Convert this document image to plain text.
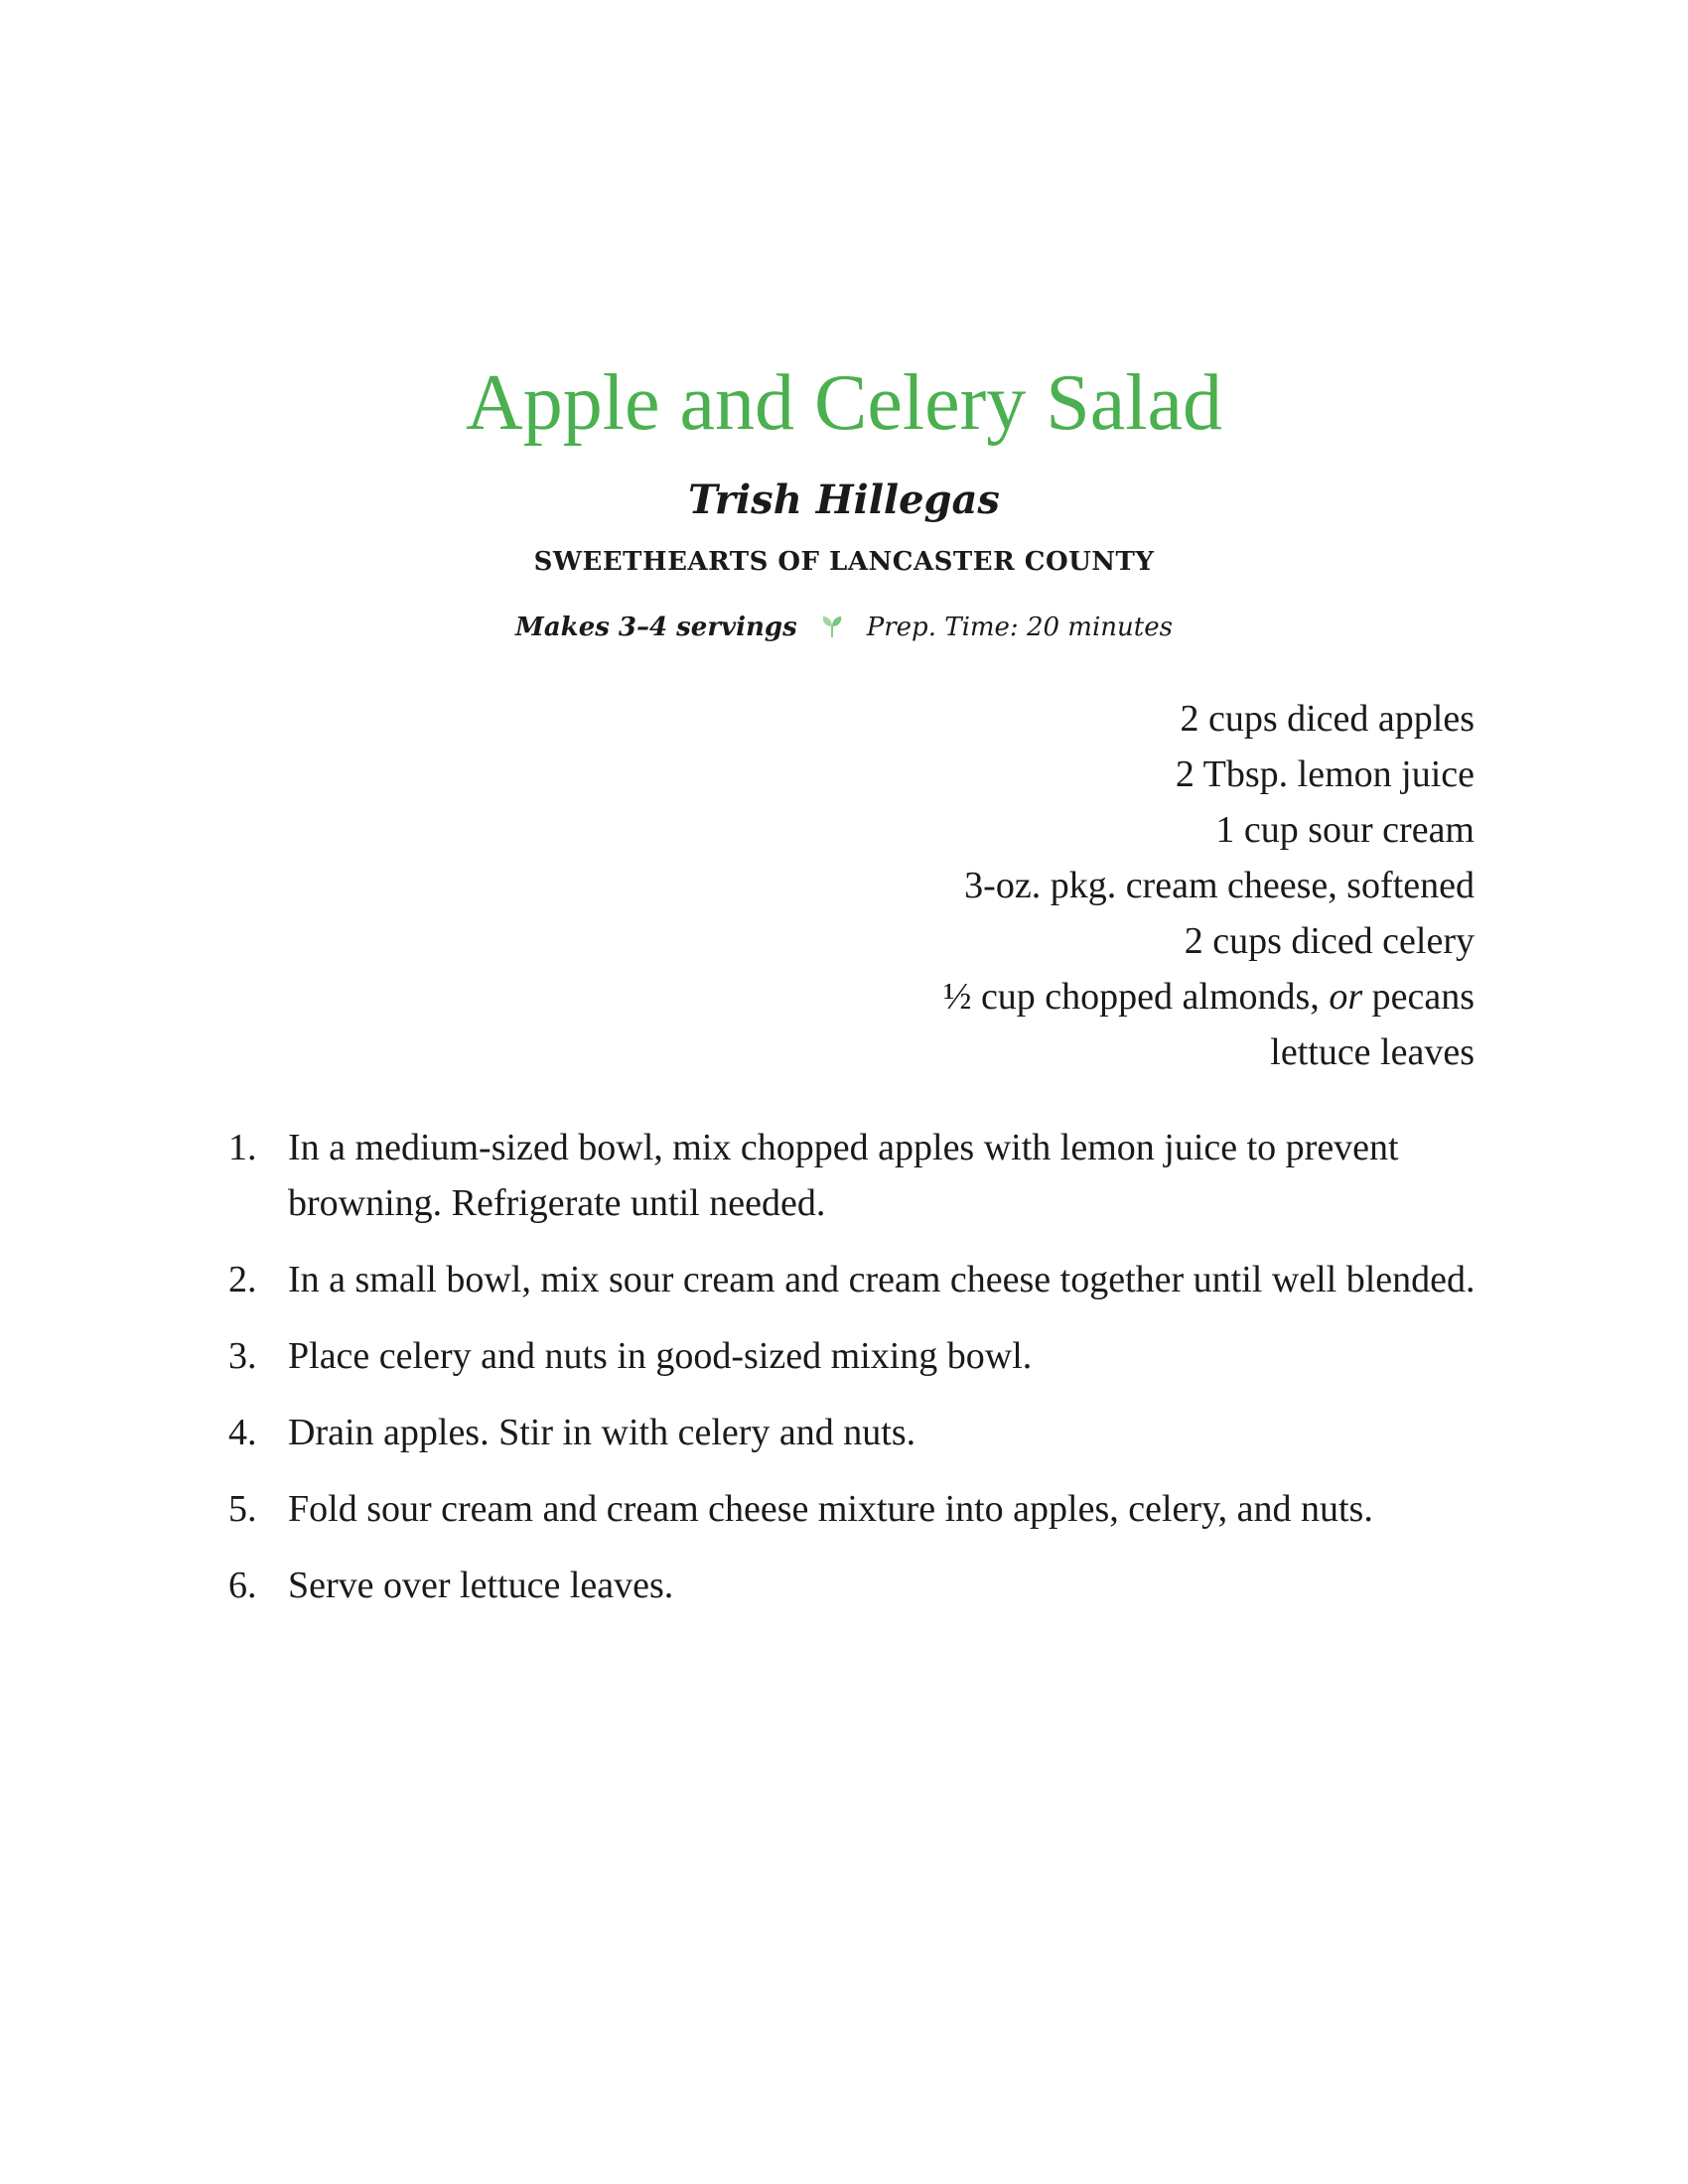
Apple and Celery Salad
Trish Hillegas
SWEETHEARTS OF LANCASTER COUNTY
Makes 3–4 servings	Prep. Time: 20 minutes
2 cups diced apples
2 Tbsp. lemon juice
1 cup sour cream
3-oz. pkg. cream cheese, softened
2 cups diced celery
½ cup chopped almonds, or pecans
lettuce leaves
1. In a medium-sized bowl, mix chopped apples with lemon juice to prevent browning. Refrigerate until needed.
2. In a small bowl, mix sour cream and cream cheese together until well blended.
3. Place celery and nuts in good-sized mixing bowl.
4. Drain apples. Stir in with celery and nuts.
5. Fold sour cream and cream cheese mixture into apples, celery, and nuts.
6. Serve over lettuce leaves.
